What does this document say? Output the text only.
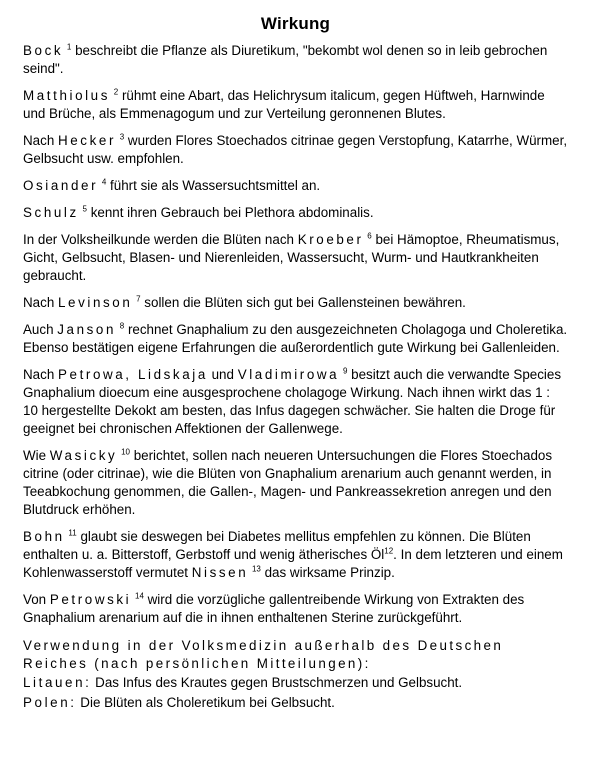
Wirkung

Bock $^1$ beschreibt die Pflanze als Diuretikum, "bekombt wol denen so in leib gebrochen seind".

Matthiolus $^2$ rühmt eine Abart, das Helichrysum italicum, gegen Hüftweh, Harnwinde und Brüche, als Emmenagogum und zur Verteilung geronnenen Blutes.

Nach Hecker $^3$ wurden Flores Stoechados citrinae gegen Verstopfung, Katarrhe, Würmer, Gelbsucht usw. empfohlen.

Osiander $^4$ führt sie als Wassersuchtsmittel an.

Schulz $^5$ kennt ihren Gebrauch bei Plethora abdominalis.

In der Volksheilkunde werden die Blüten nach Kroeber $^6$ bei Hämoptoe, Rheumatismus, Gicht, Gelbsucht, Blasen- und Nierenleiden, Wassersucht, Wurm- und Hautkrankheiten gebraucht.

Nach Levinson $^7$ sollen die Blüten sich gut bei Gallensteinen bewähren.

Auch Janson $^8$ rechnet Gnaphalium zu den ausgezeichneten Cholagoga und Choleretika. Ebenso bestätigen eigene Erfahrungen die außerordentlich gute Wirkung bei Gallenleiden.

Nach Petrowa, Lidskaja und Vladimirowa $^9$ besitzt auch die verwandte Species Gnaphalium dioecum eine ausgesprochene cholagoge Wirkung. Nach ihnen wirkt das 1 : 10 hergestellte Dekokt am besten, das Infus dagegen schwächer. Sie halten die Droge für geeignet bei chronischen Affektionen der Gallenwege.

Wie Wasicky $^{10}$ berichtet, sollen nach neueren Untersuchungen die Flores Stoechados citrine (oder citrinae), wie die Blüten von Gnaphalium arenarium auch genannt werden, in Teeabkochung genommen, die Gallen-, Magen- und Pankreassekretion anregen und den Blutdruck erhöhen.

Bohn $^{11}$ glaubt sie deswegen bei Diabetes mellitus empfehlen zu können. Die Blüten enthalten u. a. Bitterstoff, Gerbstoff und wenig ätherisches $Öl^{12}$. In dem letzteren und einem Kohlenwasserstoff vermutet Nissen $^{13}$ das wirksame Prinzip.

Von Petrowski $^{14}$ wird die vorzügliche gallentreibende Wirkung von Extrakten des Gnaphalium arenarium auf die in ihnen enthaltenen Sterine zurückgeführt.

Verwendung in der Volksmedizin außerhalb des Deutschen Reiches (nach persönlichen Mitteilungen):

Litauen: Das Infus des Krautes gegen Brustschmerzen und Gelbsucht.

Polen: Die Blüten als Choleretikum bei Gelbsucht.
